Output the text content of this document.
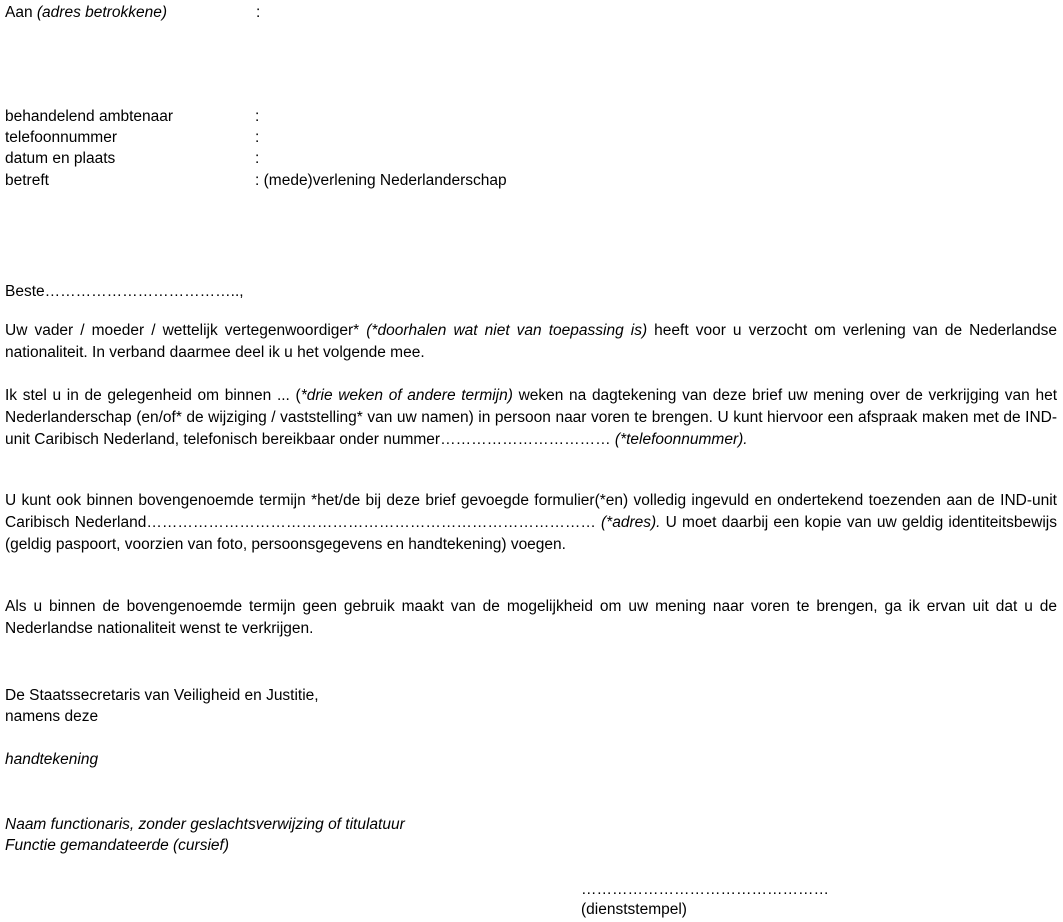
Aan (adres betrokkene)	:
behandelend ambtenaar	:
telefoonnummer	:
datum en plaats	:
betreft	: (mede)verlening Nederlanderschap
Beste………………………………..,
Uw vader / moeder / wettelijk vertegenwoordiger* (*doorhalen wat niet van toepassing is) heeft voor u verzocht om verlening van de Nederlandse nationaliteit. In verband daarmee deel ik u het volgende mee.
Ik stel u in de gelegenheid om binnen ... (*drie weken of andere termijn) weken na dagtekening van deze brief uw mening over de verkrijging van het Nederlanderschap (en/of* de wijziging / vaststelling* van uw namen) in persoon naar voren te brengen. U kunt hiervoor een afspraak maken met de IND-unit Caribisch Nederland, telefonisch bereikbaar onder nummer…………………………… (*telefoonnummer).
U kunt ook binnen bovengenoemde termijn *het/de bij deze brief gevoegde formulier(*en) volledig ingevuld en ondertekend toezenden aan de IND-unit Caribisch Nederland…………………………………………………………………………… (*adres). U moet daarbij een kopie van uw geldig identiteitsbewijs (geldig paspoort, voorzien van foto, persoonsgegevens en handtekening) voegen.
Als u binnen de bovengenoemde termijn geen gebruik maakt van de mogelijkheid om uw mening naar voren te brengen, ga ik ervan uit dat u de Nederlandse nationaliteit wenst te verkrijgen.
De Staatssecretaris van Veiligheid en Justitie,
namens deze
handtekening
Naam functionaris, zonder geslachtsverwijzing of titulatuur
Functie gemandateerde (cursief)
…………………………………………
(dienststempel)
